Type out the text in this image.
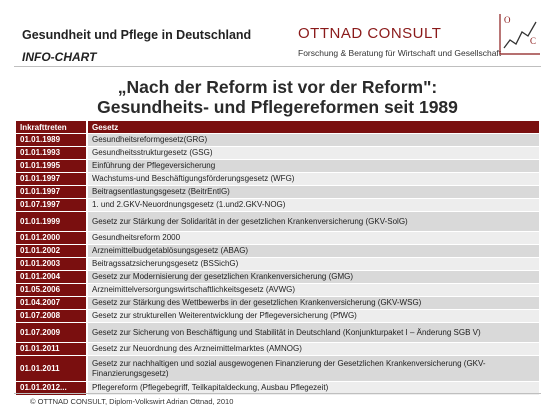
Gesundheit und Pflege in Deutschland
INFO-CHART
OTTNAD CONSULT
Forschung & Beratung für Wirtschaft und Gesellschaft
O
C
„Nach der Reform ist vor der Reform":
Gesundheits- und Pflegereformen seit 1989
Inkrafttreten	Gesetz
01.01.1989	Gesundheitsreformgesetz(GRG)
01.01.1993	Gesundheitsstrukturgesetz (GSG)
01.01.1995	Einführung der Pflegeversicherung
01.01.1997	Wachstums-und Beschäftigungsförderungsgesetz (WFG)
01.01.1997	Beitragsentlastungsgesetz (BeitrEntlG)
01.07.1997	1. und 2.GKV-Neuordnungsgesetz (1.und2.GKV-NOG)
01.01.1999	Gesetz zur Stärkung der Solidarität in der gesetzlichen Krankenversicherung (GKV-SolG)
01.01.2000	Gesundheitsreform 2000
01.01.2002	Arzneimittelbudgetablösungsgesetz (ABAG)
01.01.2003	Beitragssatzsicherungsgesetz (BSSichG)
01.01.2004	Gesetz zur Modernisierung der gesetzlichen Krankenversicherung (GMG)
01.05.2006	Arzneimittelversorgungswirtschaftlichkeitsgesetz (AVWG)
01.04.2007	Gesetz zur Stärkung des Wettbewerbs in der gesetzlichen Krankenversicherung (GKV-WSG)
01.07.2008	Gesetz zur strukturellen Weiterentwicklung der Pflegeversicherung (PfWG)
01.07.2009	Gesetz zur Sicherung von Beschäftigung und Stabilität in Deutschland (Konjunkturpaket I – Änderung SGB V)
01.01.2011	Gesetz zur Neuordnung des Arzneimittelmarktes (AMNOG)
01.01.2011	Gesetz zur nachhaltigen und sozial ausgewogenen Finanzierung der Gesetzlichen Krankenversicherung (GKV-Finanzierungsgesetz)
01.01.2012...	Pflegereform (Pflegebegriff, Teilkapitaldeckung, Ausbau Pflegezeit)
© OTTNAD CONSULT, Diplom-Volkswirt Adrian Ottnad, 2010
